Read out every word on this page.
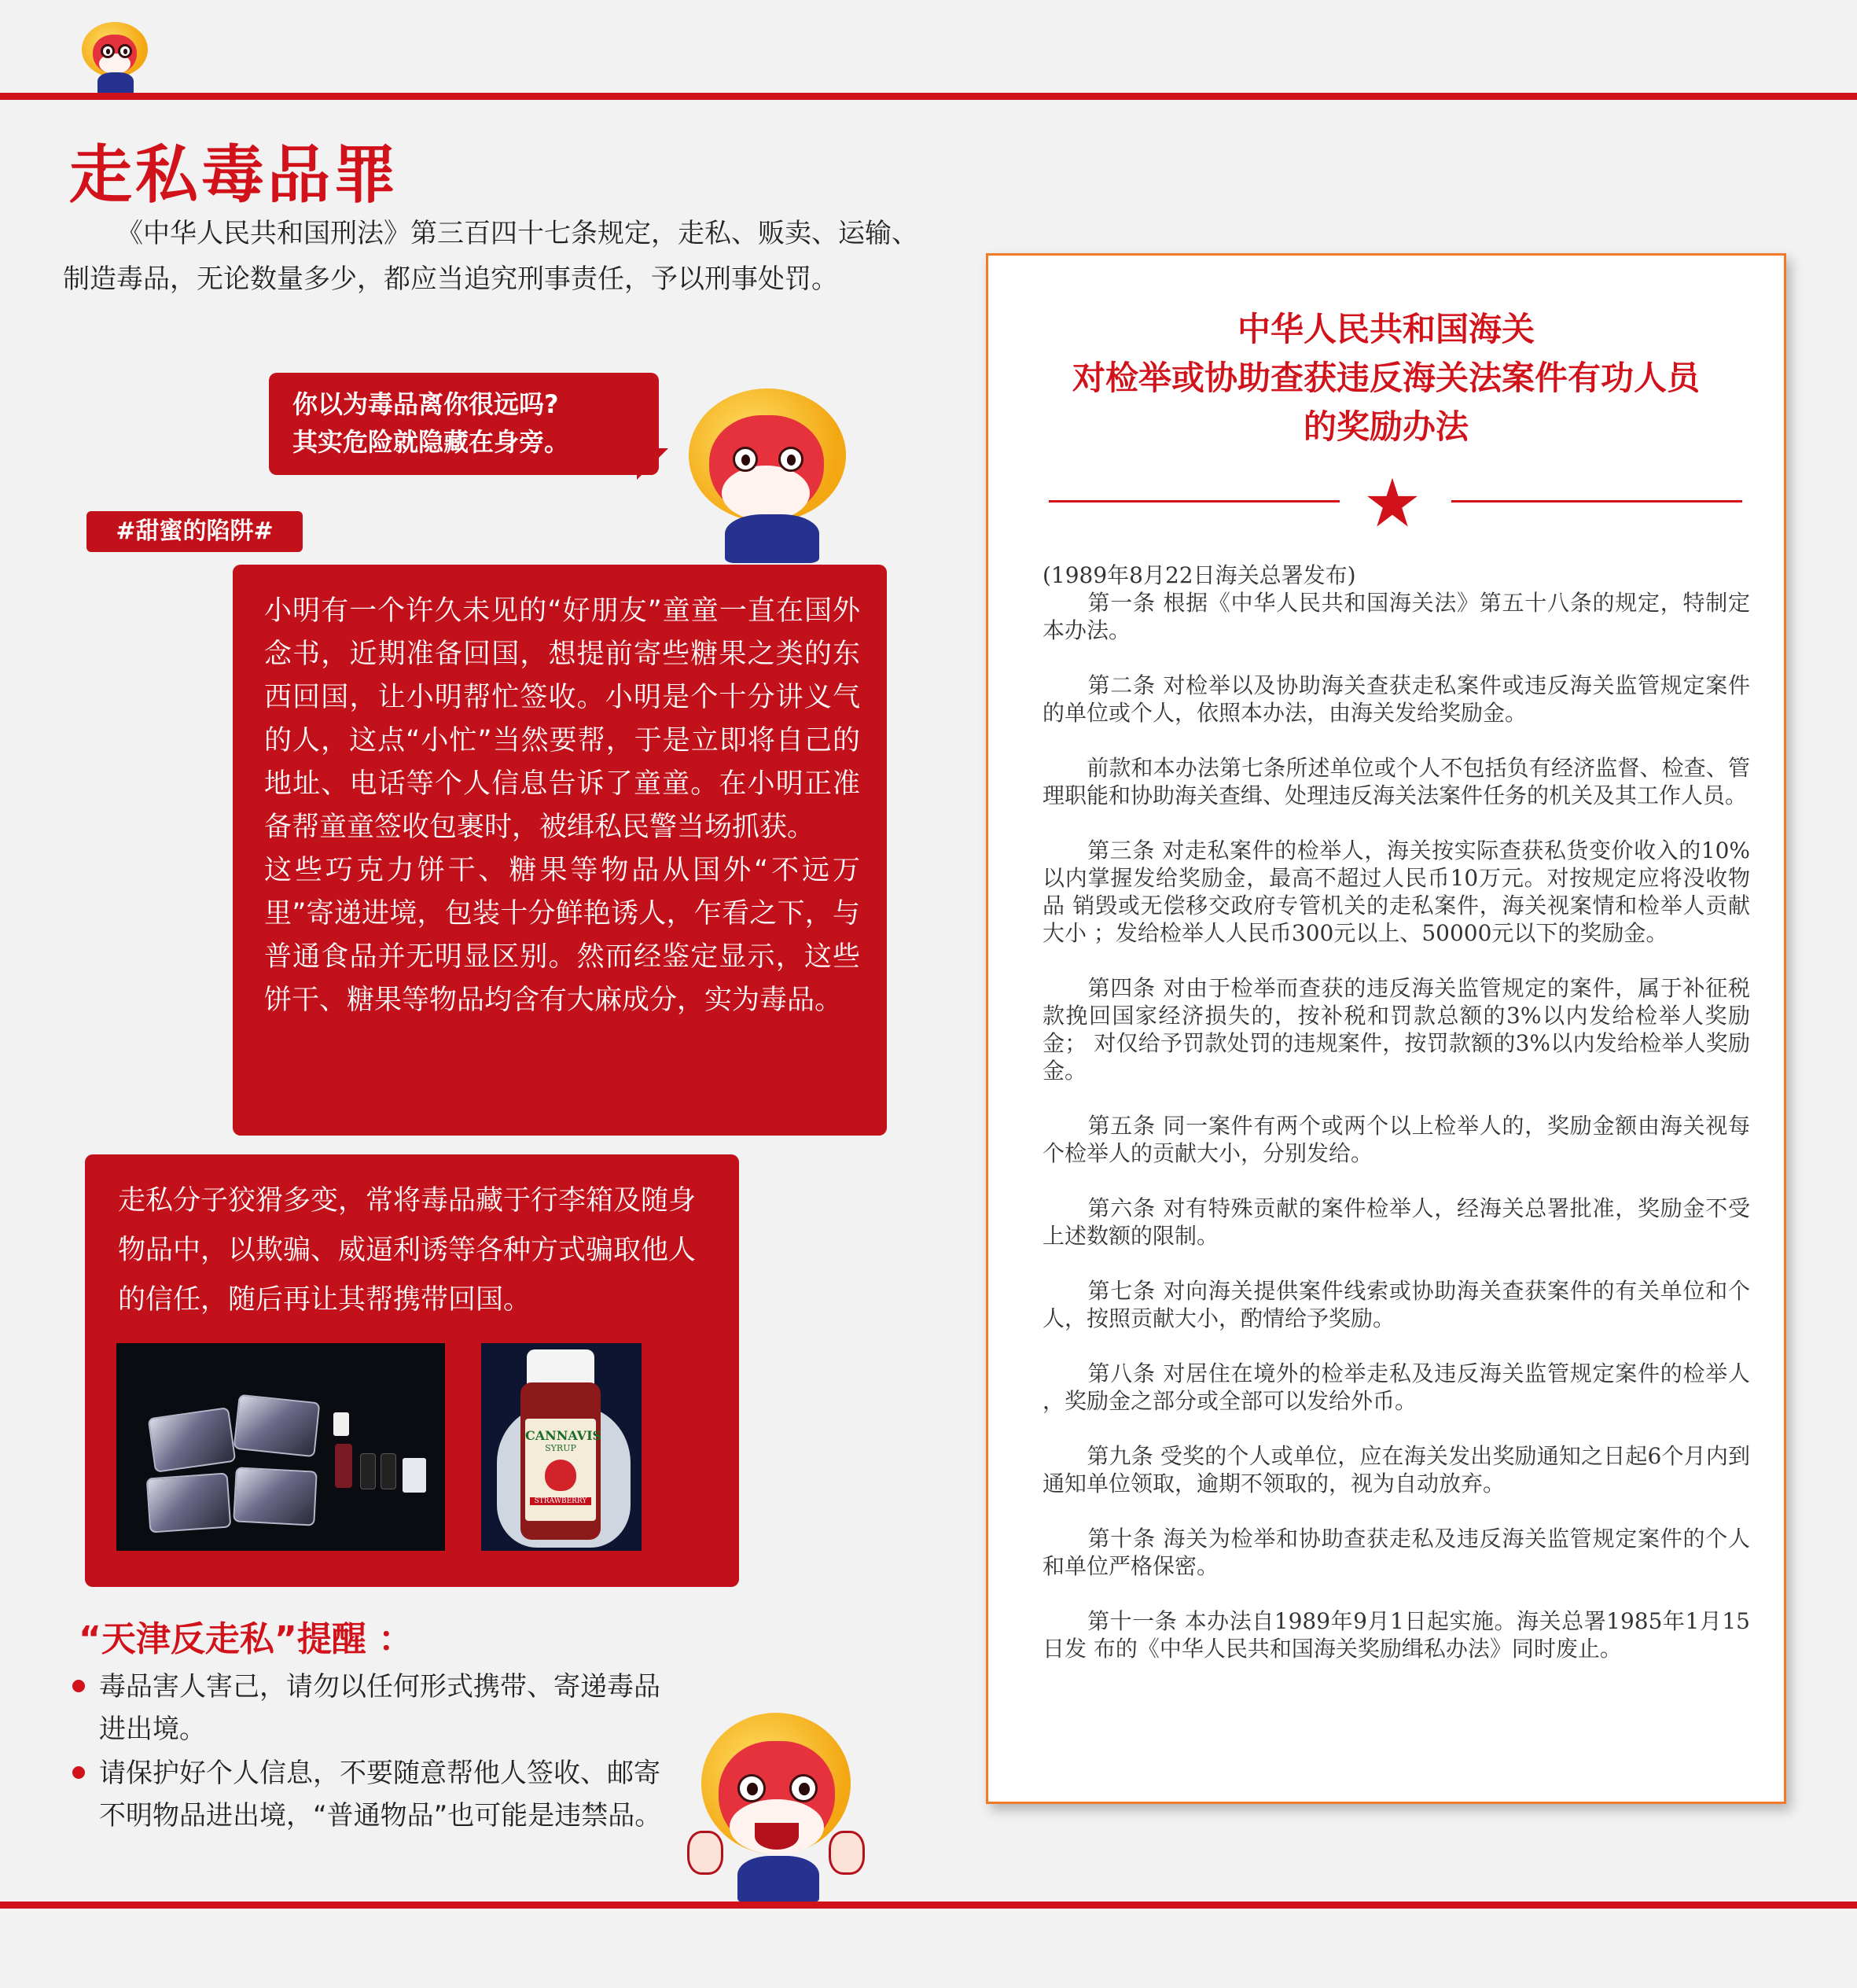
走私毒品罪

《中华人民共和国刑法》第三百四十七条规定，走私、贩卖、运输、制造毒品，无论数量多少，都应当追究刑事责任，予以刑事处罚。

你以为毒品离你很远吗?
其实危险就隐藏在身旁。
#甜蜜的陷阱#

小明有一个许久未见的“好朋友”童童一直在国外念书，近期准备回国，想提前寄些糖果之类的东西回国，让小明帮忙签收。小明是个十分讲义气的人，这点“小忙”当然要帮，于是立即将自己的地址、电话等个人信息告诉了童童。在小明正准备帮童童签收包裹时，被缉私民警当场抓获。

这些巧克力饼干、糖果等物品从国外“不远万里”寄递进境，包装十分鲜艳诱人，乍看之下，与普通食品并无明显区别。然而经鉴定显示，这些饼干、糖果等物品均含有大麻成分，实为毒品。

走私分子狡猾多变，常将毒品藏于行李箱及随身物品中，以欺骗、威逼利诱等各种方式骗取他人的信任，随后再让其帮携带回国。

CANNAVIS
SYRUP
STRAWBERRY
“天津反走私”提醒 ：

毒品害人害己，请勿以任何形式携带、寄递毒品进出境。

请保护好个人信息，不要随意帮他人签收、邮寄不明物品进出境，“普通物品”也可能是违禁品。

中华人民共和国海关
对检举或协助查获违反海关法案件有功人员
的奖励办法

(1989年8月22日海关总署发布)

　　第一条 根据《中华人民共和国海关法》第五十八条的规定，特制定 本办法。

　　第二条 对检举以及协助海关查获走私案件或违反海关监管规定案件 的单位或个人，依照本办法，由海关发给奖励金。

　　前款和本办法第七条所述单位或个人不包括负有经济监督、检查、管 理职能和协助海关查缉、处理违反海关法案件任务的机关及其工作人员。

　　第三条 对走私案件的检举人，海关按实际查获私货变价收入的10% 以内掌握发给奖励金，最高不超过人民币10万元。对按规定应将没收物品 销毁或无偿移交政府专管机关的走私案件，海关视案情和检举人贡献大小 ；发给检举人人民币300元以上、50000元以下的奖励金。

　　第四条 对由于检举而查获的违反海关监管规定的案件，属于补征税 款挽回国家经济损失的，按补税和罚款总额的3%以内发给检举人奖励金； 对仅给予罚款处罚的违规案件，按罚款额的3%以内发给检举人奖励金。

　　第五条 同一案件有两个或两个以上检举人的，奖励金额由海关视每 个检举人的贡献大小，分别发给。

　　第六条 对有特殊贡献的案件检举人，经海关总署批准，奖励金不受 上述数额的限制。

　　第七条 对向海关提供案件线索或协助海关查获案件的有关单位和个 人，按照贡献大小，酌情给予奖励。

　　第八条 对居住在境外的检举走私及违反海关监管规定案件的检举人 ，奖励金之部分或全部可以发给外币。

　　第九条 受奖的个人或单位，应在海关发出奖励通知之日起6个月内到 通知单位领取，逾期不领取的，视为自动放弃。

　　第十条 海关为检举和协助查获走私及违反海关监管规定案件的个人 和单位严格保密。

　　第十一条 本办法自1989年9月1日起实施。海关总署1985年1月15日发 布的《中华人民共和国海关奖励缉私办法》同时废止。
